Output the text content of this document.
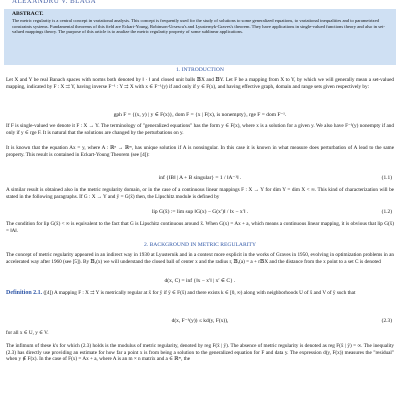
ALEXANDRU V. BLAGA
ABSTRACT.
The metric regularity is a central concept in variational analysis. This concept is frequently used for the study of solutions to some generalized equations, to variational inequalities and to parametrized constraints systems. Fundamental theorems of this field are Eckart-Young, Robinson-Ursescu's and Lyusternyk-Graves's theorem. They have applications in single-valued functions theory and also in set-valued mappings theory. The purpose of this article is to analize the metric regularity property of some sublinear applications.
1. INTRODUCTION
Let X and Y be real Banach spaces with norms both denoted by ‖ · ‖ and closed unit balls 𝔹X and 𝔹Y. Let F be a mapping from X to Y, by which we will generally mean a set-valued mapping, indicated by F : X ⇉ Y, having inverse F⁻¹ : Y ⇉ X with x ∈ F⁻¹(y) if and only if y ∈ F(x), and having effective graph, domain and range sets given respectively by:
gph F = {(x, y) | y ∈ F(x)}, dom F = {x | F(x), is nonempty}, rge F = dom F⁻¹.
If F is single-valued we denote it F : X → Y. The terminology of "generalized equations" has the form y ∈ F(x), where x is a solution for a given y. We also have F⁻¹(y) nonempty if and only if y ∈ rge F. It is natural that the solutions are changed by the perturbations on y.
It is known that the equation Ax = y, where A : ℝⁿ → ℝᵐ, has unique solution if A is nonsingular. In this case it is known in what measure does perturbation of A lead to the same property. This result is contained in Eckart-Young Theorem (see [4]):
inf {‖B‖ | A + B singular} = 1 / ‖A⁻¹‖ .	(1.1)
A similar result is obtained also in the metric regularity domain, or in the case of a continuous linear mappings F : X → Y for dim Y = dim X < ∞. This kind of characterization will be stated in the following paragraphs. If G : X → Y and ȳ = G(x̄) then, the Lipschitz module is defined by
lip G(x̄) := lim sup ‖G(x) − G(x′)‖ / ‖x − x′‖ .	(1.2)
The condition for lip G(x̄) < ∞ is equivalent to the fact that G is Lipschitz continuous around x̄. When G(x) = Ax + a, which means a continuous linear mapping, it is obvious that lip G(x̄) = ‖A‖.
2. BACKGROUND IN METRIC REGULARITY
The concept of metric regularity appeared in an indirect way in 1930 at Lyusternik and in a context more explicit in the works of Graves in 1950, evolving in optimization problems in an accelerated way after 1960 (see [5]). By 𝔹ₐ(x) we will understand the closed ball of center x and the radius r, 𝔹ᵣ(a) = a + r𝔹X and the distance from the x point to a set C is denoted
d(x, C) = inf {‖x − x′‖ | x′ ∈ C} .
Definition 2.1. ([4]) A mapping F : X ⇉ Y is metrically regular at x̄ for ȳ if ȳ ∈ F(x̄) and there exists k ∈ [0, ∞) along with neighborhoods U of x̄ and V of ȳ such that
d(x, F⁻¹(y)) ≤ kd(y, F(x)),	(2.3)
for all x ∈ U, y ∈ V.
The infimum of these k's for which (2.3) holds is the modulus of metric regularity, denoted by reg F(x̄ | ȳ). The absence of metric regularity is denoted as reg F(x̄ | ȳ) = ∞. The inequality (2.3) has directly use providing an estimate for how far a point x is from being a solution to the generalized equation for F and data y. The expression d(y, F(x)) measures the "residual" when y ∉ F(x). In the case of F(x) = Ax + a, where A is an m × n matrix and a ∈ ℝᵐ, the
